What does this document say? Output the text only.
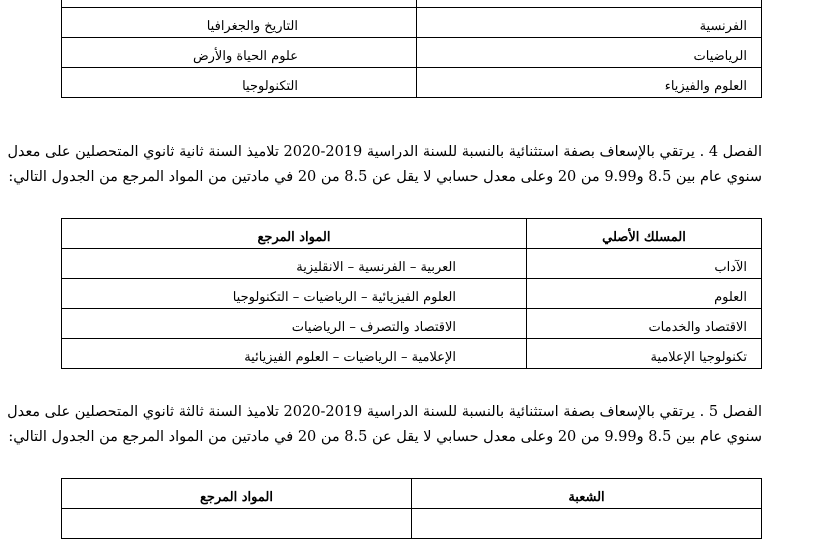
الفرنسية	التاريخ والجغرافيا
الرياضيات	علوم الحياة والأرض
العلوم والفيزياء	التكنولوجيا
الفصل 4 . يرتقي بالإسعاف بصفة استثنائية بالنسبة للسنة الدراسية 2019-2020 تلاميذ السنة ثانية ثانوي المتحصلين على معدل
سنوي عام بين 8.5 و9.99 من 20 وعلى معدل حسابي لا يقل عن 8.5 من 20 في مادتين من المواد المرجع من الجدول التالي:
المسلك الأصلي	المواد المرجع
الآداب	العربية – الفرنسية – الانقليزية
العلوم	العلوم الفيزيائية – الرياضيات – التكنولوجيا
الاقتصاد والخدمات	الاقتصاد والتصرف – الرياضيات
تكنولوجيا الإعلامية	الإعلامية – الرياضيات – العلوم الفيزيائية
الفصل 5 . يرتقي بالإسعاف بصفة استثنائية بالنسبة للسنة الدراسية 2019-2020 تلاميذ السنة ثالثة ثانوي المتحصلين على معدل
سنوي عام بين 8.5 و9.99 من 20 وعلى معدل حسابي لا يقل عن 8.5 من 20 في مادتين من المواد المرجع من الجدول التالي:
الشعبة	المواد المرجع
